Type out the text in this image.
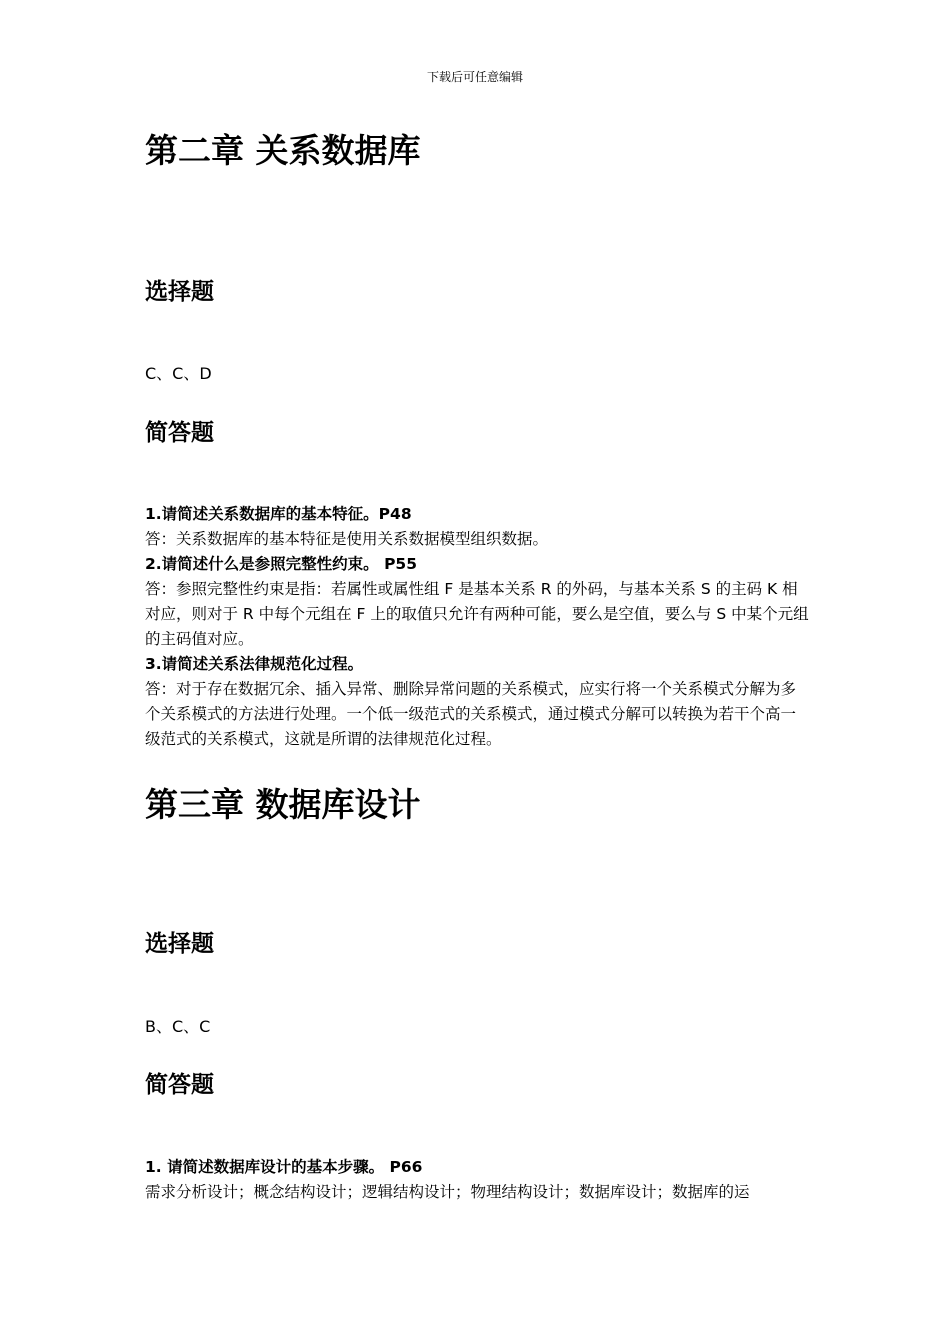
下载后可任意编辑
第二章 关系数据库
选择题

C、C、D

简答题

1.请简述关系数据库的基本特征。P48

答：关系数据库的基本特征是使用关系数据模型组织数据。

2.请简述什么是参照完整性约束。 P55

答：参照完整性约束是指：若属性或属性组 F 是基本关系 R 的外码，与基本关系 S 的主码 K 相对应，则对于 R 中每个元组在 F 上的取值只允许有两种可能，要么是空值，要么与 S 中某个元组的主码值对应。

3.请简述关系法律规范化过程。

答：对于存在数据冗余、插入异常、删除异常问题的关系模式，应实行将一个关系模式分解为多个关系模式的方法进行处理。一个低一级范式的关系模式，通过模式分解可以转换为若干个高一级范式的关系模式，这就是所谓的法律规范化过程。

第三章 数据库设计
选择题

B、C、C

简答题

1. 请简述数据库设计的基本步骤。 P66

需求分析设计；概念结构设计；逻辑结构设计；物理结构设计；数据库设计；数据库的运
